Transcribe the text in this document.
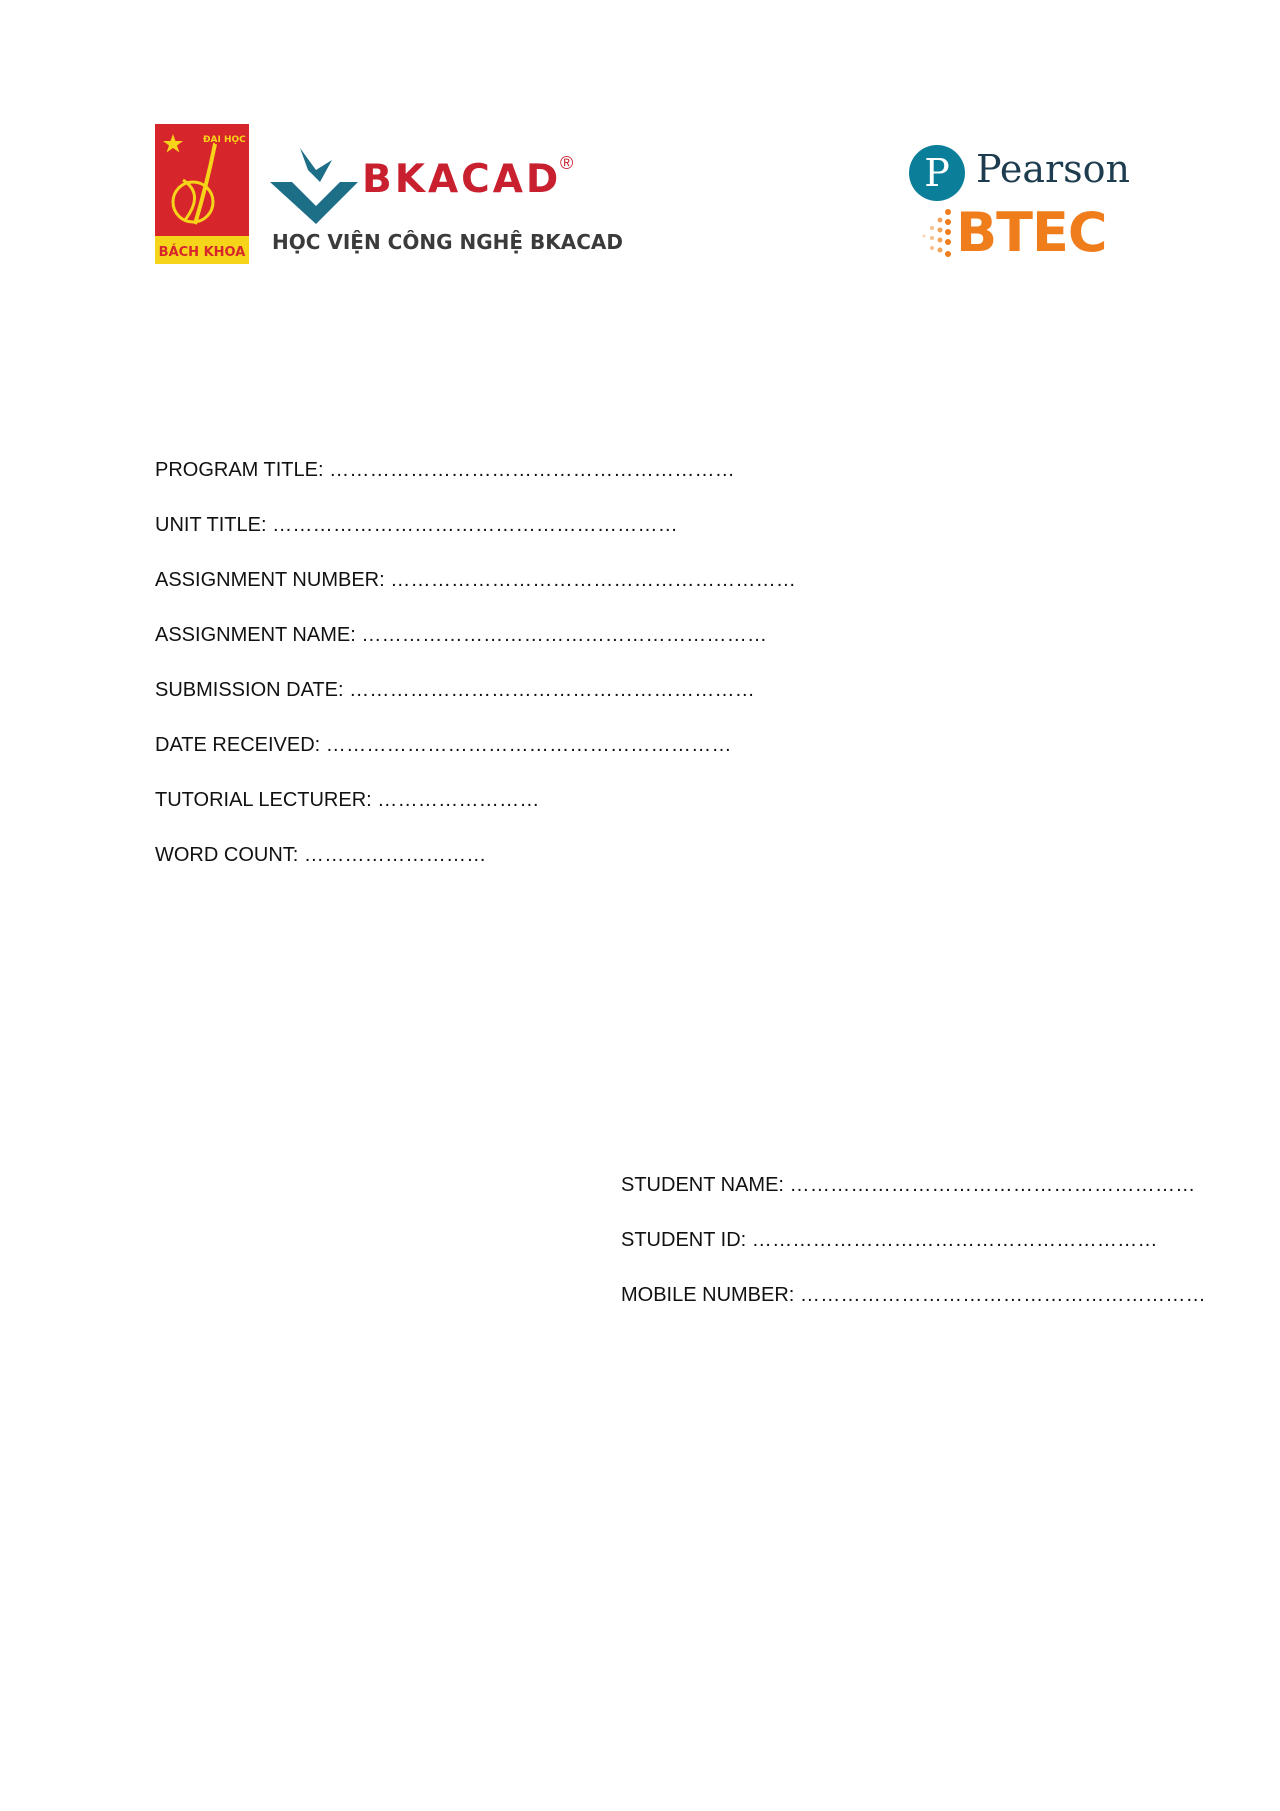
ĐẠI HỌC
BÁCH KHOA
BKACAD
®
HỌC VIỆN CÔNG NGHỆ BKACAD
P Pearson
BTEC
PROGRAM TITLE: ……………………………………………………
UNIT TITLE: ……………………………………………………
ASSIGNMENT NUMBER: ……………………………………………………
ASSIGNMENT NAME: ……………………………………………………
SUBMISSION DATE: ……………………………………………………
DATE RECEIVED: ……………………………………………………
TUTORIAL LECTURER: ……………………
WORD COUNT: ………………………
STUDENT NAME: ……………………………………………………
STUDENT ID: ……………………………………………………
MOBILE NUMBER: ……………………………………………………
